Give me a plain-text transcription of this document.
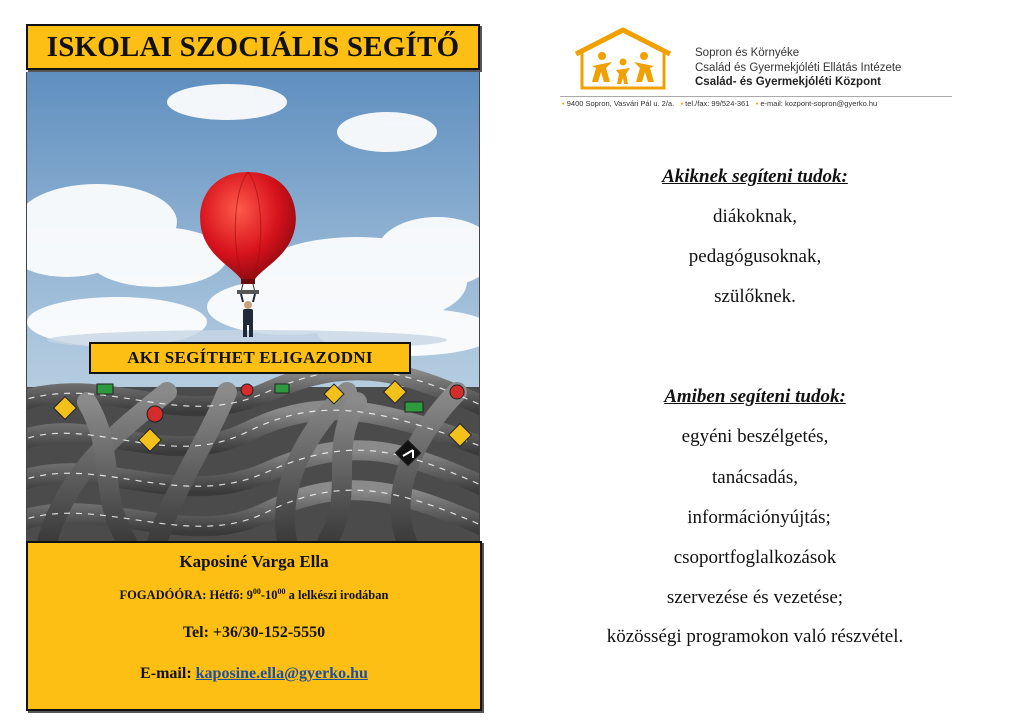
ISKOLAI SZOCIÁLIS SEGÍTŐ
AKI SEGÍTHET ELIGAZODNI
Kaposiné Varga Ella
FOGADÓÓRA: Hétfő: $9^{00}-10^{00}$ a lelkészi irodában
Tel: +36/30-152-5550
E-mail: kaposine.ella@gyerko.hu
Sopron és Környéke
Család és Gyermekjóléti Ellátás Intézete
Család- és Gyermekjóléti Központ
• 9400 Sopron, Vasvári Pál u. 2/a. • tel./fax: 99/524-361 • e-mail: kozpont-sopron@gyerko.hu
Akiknek segíteni tudok:
diákoknak,
pedagógusoknak,
szülőknek.
Amiben segíteni tudok:
egyéni beszélgetés,
tanácsadás,
információnyújtás;
csoportfoglalkozások
szervezése és vezetése;
közösségi programokon való részvétel.
